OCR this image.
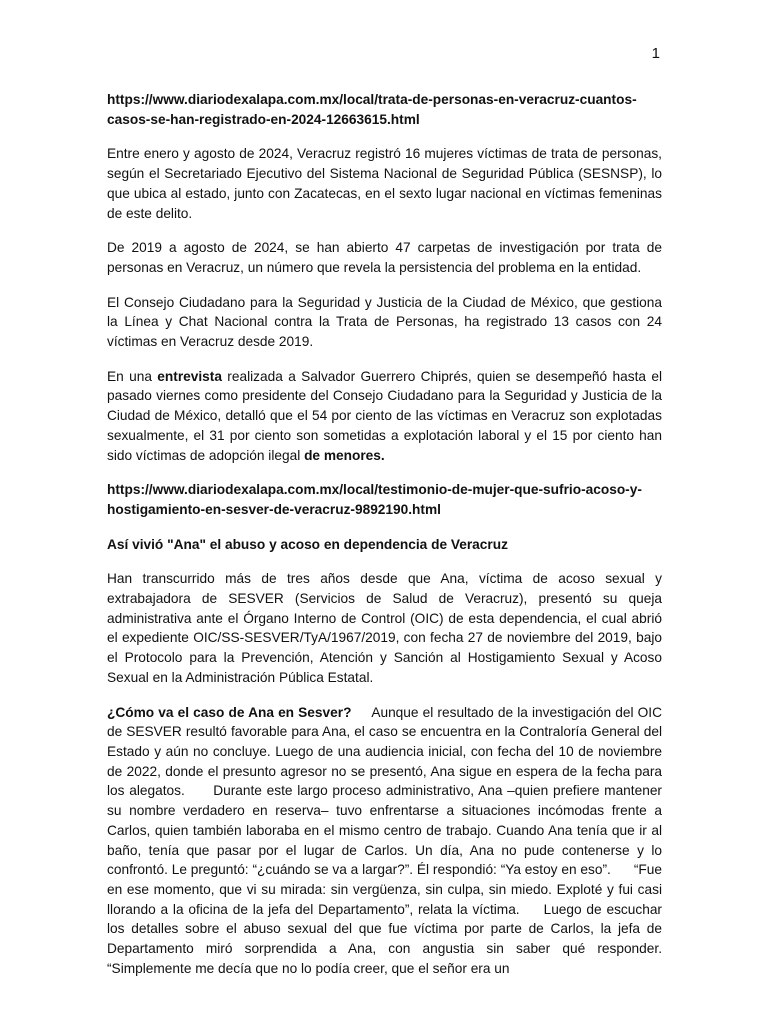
1

https://www.diariodexalapa.com.mx/local/trata-de-personas-en-veracruz-cuantos-casos-se-han-registrado-en-2024-12663615.html

Entre enero y agosto de 2024, Veracruz registró 16 mujeres víctimas de trata de personas, según el Secretariado Ejecutivo del Sistema Nacional de Seguridad Pública (SESNSP), lo que ubica al estado, junto con Zacatecas, en el sexto lugar nacional en víctimas femeninas de este delito.

De 2019 a agosto de 2024, se han abierto 47 carpetas de investigación por trata de personas en Veracruz, un número que revela la persistencia del problema en la entidad.

El Consejo Ciudadano para la Seguridad y Justicia de la Ciudad de México, que gestiona la Línea y Chat Nacional contra la Trata de Personas, ha registrado 13 casos con 24 víctimas en Veracruz desde 2019.

En una entrevista realizada a Salvador Guerrero Chiprés, quien se desempeñó hasta el pasado viernes como presidente del Consejo Ciudadano para la Seguridad y Justicia de la Ciudad de México, detalló que el 54 por ciento de las víctimas en Veracruz son explotadas sexualmente, el 31 por ciento son sometidas a explotación laboral y el 15 por ciento han sido víctimas de adopción ilegal de menores.

https://www.diariodexalapa.com.mx/local/testimonio-de-mujer-que-sufrio-acoso-y-hostigamiento-en-sesver-de-veracruz-9892190.html

Así vivió "Ana" el abuso y acoso en dependencia de Veracruz

Han transcurrido más de tres años desde que Ana, víctima de acoso sexual y extrabajadora de SESVER (Servicios de Salud de Veracruz), presentó su queja administrativa ante el Órgano Interno de Control (OIC) de esta dependencia, el cual abrió el expediente OIC/SS-SESVER/TyA/1967/2019, con fecha 27 de noviembre del 2019, bajo el Protocolo para la Prevención, Atención y Sanción al Hostigamiento Sexual y Acoso Sexual en la Administración Pública Estatal.

¿Cómo va el caso de Ana en Sesver?     Aunque el resultado de la investigación del OIC de SESVER resultó favorable para Ana, el caso se encuentra en la Contraloría General del Estado y aún no concluye. Luego de una audiencia inicial, con fecha del 10 de noviembre de 2022, donde el presunto agresor no se presentó, Ana sigue en espera de la fecha para los alegatos.      Durante este largo proceso administrativo, Ana –quien prefiere mantener su nombre verdadero en reserva– tuvo enfrentarse a situaciones incómodas frente a Carlos, quien también laboraba en el mismo centro de trabajo. Cuando Ana tenía que ir al baño, tenía que pasar por el lugar de Carlos. Un día, Ana no pude contenerse y lo confrontó. Le preguntó: “¿cuándo se va a largar?”. Él respondió: “Ya estoy en eso”.      “Fue en ese momento, que vi su mirada: sin vergüenza, sin culpa, sin miedo. Exploté y fui casi llorando a la oficina de la jefa del Departamento”, relata la víctima.     Luego de escuchar los detalles sobre el abuso sexual del que fue víctima por parte de Carlos, la jefa de Departamento miró sorprendida a Ana, con angustia sin saber qué responder. “Simplemente me decía que no lo podía creer, que el señor era un
